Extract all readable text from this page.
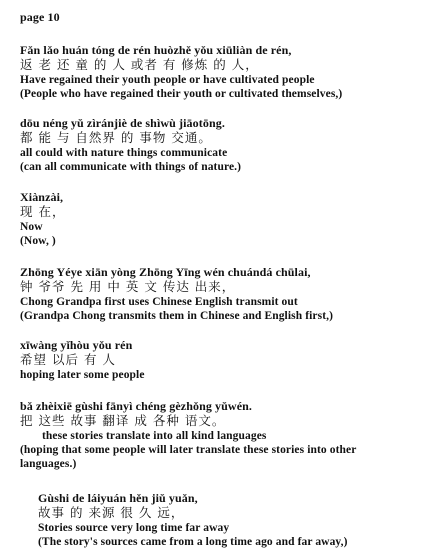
page 10
Fǎn lǎo huán tóng de rén huòzhě yǒu xiūliàn de rén,
返 老 还 童 的 人 或者 有 修炼 的 人，
Have regained their youth people or have cultivated people
(People who have regained their youth or cultivated themselves,)
dōu néng yǔ zìránjiè de shìwù jiāotōng.
都 能 与 自然界 的 事物 交通。
all could with nature things communicate
(can all communicate with things of nature.)
Xiànzài,
现 在，
Now
(Now, )
Zhōng Yéye xiān yòng Zhōng Yīng wén chuándá chūlai,
钟 爷爷 先 用 中 英 文 传达 出来，
Chong Grandpa first uses Chinese English transmit out
(Grandpa Chong transmits them in Chinese and English first,)
xīwàng yǐhòu yǒu rén
希望 以后 有 人
hoping later some people
bǎ zhèixiē gùshi fānyì chéng gèzhǒng yǔwén.
把 这些 故事 翻译 成 各种 语文。
these stories translate into all kind languages
(hoping that some people will later translate these stories into other
languages.)
Gùshi de láiyuán hěn jiǔ yuǎn,
故事 的 来源 很 久 远，
Stories source very long time far away
(The story's sources came from a long time ago and far away,)
